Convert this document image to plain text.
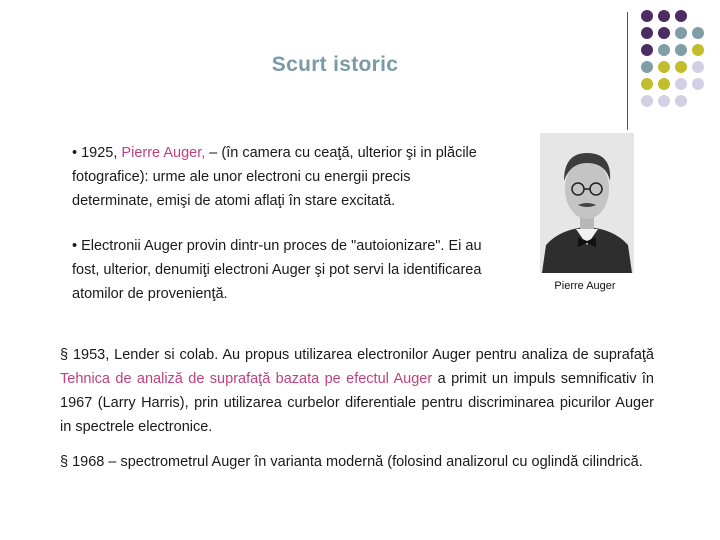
Scurt istoric

• 1925, Pierre Auger, – (în camera cu ceaţă, ulterior şi in plăcile fotografice): urme ale unor electroni cu energii precis determinate, emişi de atomi aflaţi în stare excitată.

• Electronii Auger provin dintr-un proces de "autoionizare". Ei au fost, ulterior, denumiţi electroni Auger şi pot servi la identificarea atomilor de provenienţă.	Pierre Auger

§ 1953, Lender si colab. Au propus utilizarea electronilor Auger pentru analiza de suprafaţă Tehnica de analiză de suprafaţă bazata pe efectul Auger a primit un impuls semnificativ în 1967 (Larry Harris), prin utilizarea curbelor diferentiale pentru discriminarea picurilor Auger in spectrele electronice.

§ 1968 – spectrometrul Auger în varianta modernă (folosind analizorul cu oglindă cilindrică.
